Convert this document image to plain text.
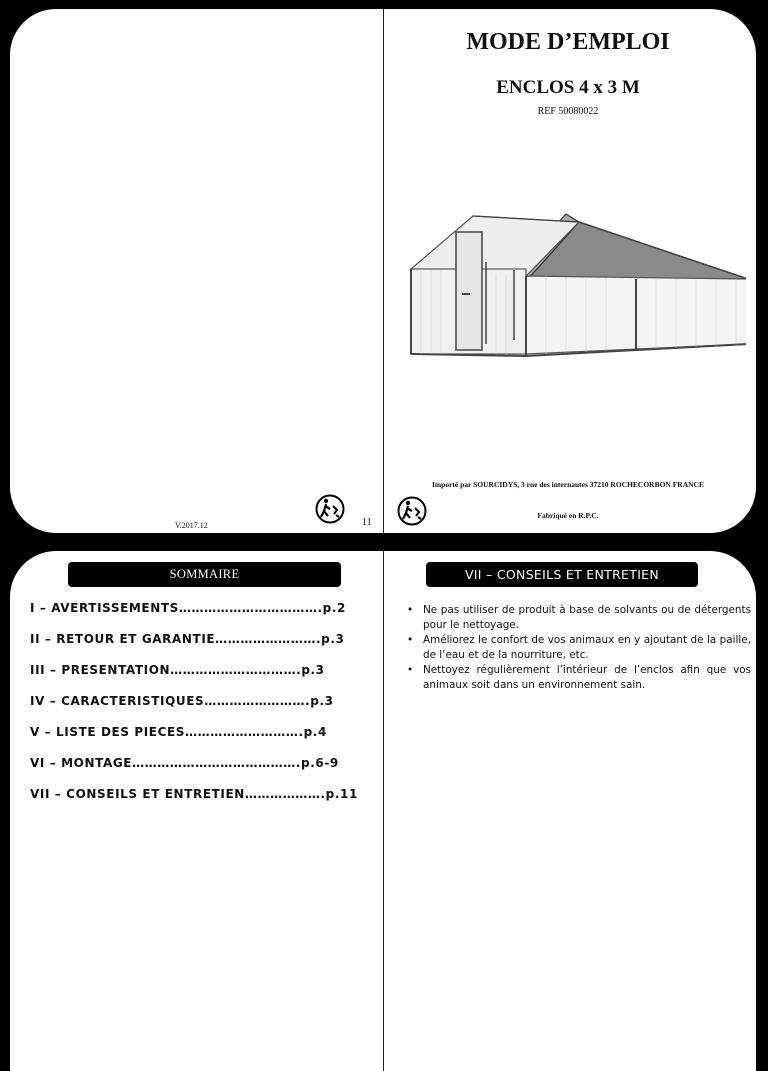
MODE D’EMPLOI
ENCLOS 4 x 3 M
REF 50080022
Importé par SOURCIDYS, 3 rue des internautes 37210 ROCHECORBON FRANCE
Fabriqué en R.P.C.
V.2017.12	11
SOMMAIRE
I – AVERTISSEMENTS…………………………….p.2
II – RETOUR ET GARANTIE…………………….p.3
III – PRESENTATION………………………….p.3
IV – CARACTERISTIQUES…………………….p.3
V – LISTE DES PIECES……………………….p.4
VI – MONTAGE………………………………….p.6-9
VII – CONSEILS ET ENTRETIEN……………….p.11
VII – CONSEILS ET ENTRETIEN
• Ne pas utiliser de produit à base de solvants ou de détergents pour le nettoyage.
• Améliorez le confort de vos animaux en y ajoutant de la paille, de l’eau et de la nourriture, etc.
• Nettoyez régulièrement l’intérieur de l’enclos afin que vos animaux soit dans un environnement sain.
